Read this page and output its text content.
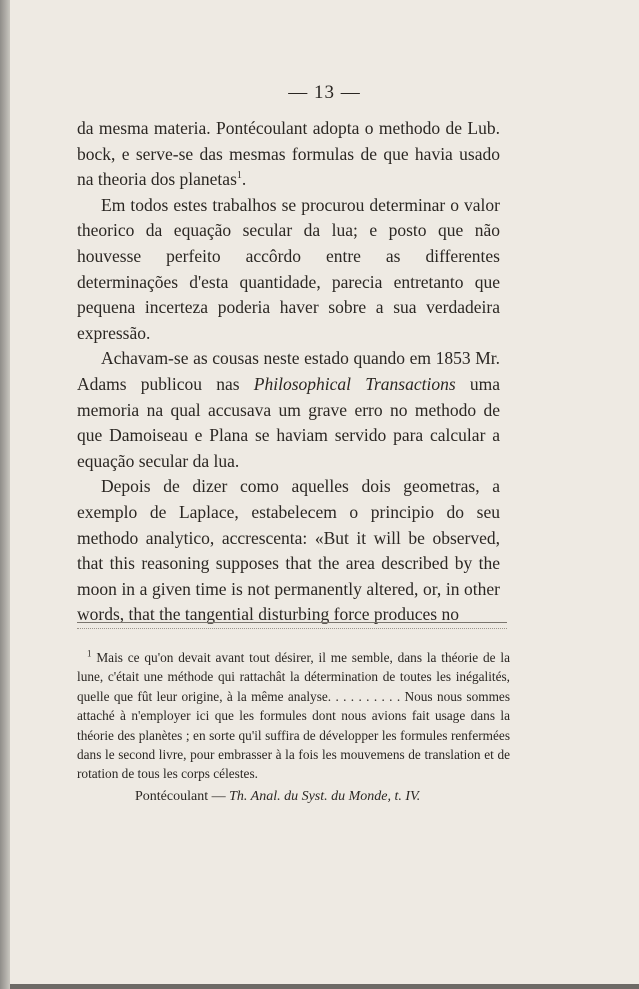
— 13 —

da mesma materia. Pontécoulant adopta o methodo de Lub. bock, e serve-se das mesmas formulas de que havia usado na theoria dos planetas$^1$.

Em todos estes trabalhos se procurou determinar o valor theorico da equação secular da lua; e posto que não houvesse perfeito accôrdo entre as differentes determinações d'esta quantidade, parecia entretanto que pequena incerteza poderia haver sobre a sua verdadeira expressão.

Achavam-se as cousas neste estado quando em 1853 Mr. Adams publicou nas Philosophical Transactions uma memoria na qual accusava um grave erro no methodo de que Damoiseau e Plana se haviam servido para calcular a equação secular da lua.

Depois de dizer como aquelles dois geometras, a exemplo de Laplace, estabelecem o principio do seu methodo analytico, accrescenta: «But it will be observed, that this reasoning supposes that the area described by the moon in a given time is not permanently altered, or, in other words, that the tangential disturbing force produces no

$^1$ Mais ce qu'on devait avant tout désirer, il me semble, dans la théorie de la lune, c'était une méthode qui rattachât la détermination de toutes les inégalités, quelle que fût leur origine, à la même analyse. . . . . . . . . . Nous nous sommes attaché à n'employer ici que les formules dont nous avions fait usage dans la théorie des planètes ; en sorte qu'il suffira de développer les formules renfermées dans le second livre, pour embrasser à la fois les mouvemens de translation et de rotation de tous les corps célestes.

Pontécoulant — Th. Anal. du Syst. du Monde, t. IV.
